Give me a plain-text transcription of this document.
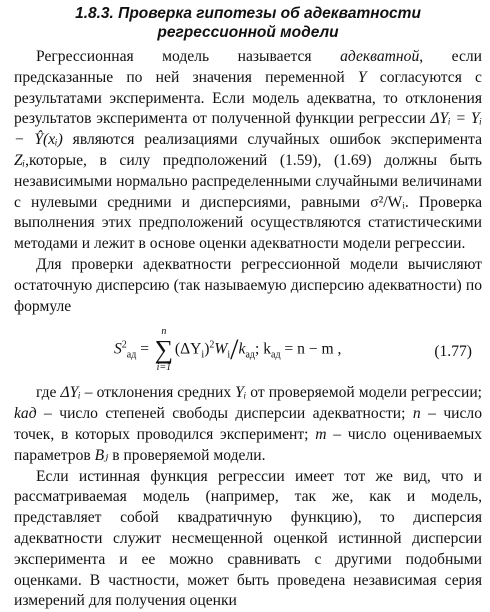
1.8.3. Проверка гипотезы об адекватности
регрессионной модели

Регрессионная модель называется адекватной, если предсказанные по ней значения переменной Y согласуются с результатами эксперимента. Если модель адекватна, то отклонения результатов эксперимента от полученной функции регрессии ΔYᵢ = Yᵢ − Ŷ(xᵢ) являются реализациями случайных ошибок эксперимента Zᵢ,которые, в силу предположений (1.59), (1.69) должны быть независимыми нормально распределенными случайными величинами с нулевыми средними и дисперсиями, равными σ²/Wᵢ. Проверка выполнения этих предположений осуществляются статистическими методами и лежит в основе оценки адекватности модели регрессии.

Для проверки адекватности регрессионной модели вычисляют остаточную дисперсию (так называемую дисперсию адекватности) по формуле

$S^2_{ад}$ =
n
∑
i=1
$(\Delta Y_i)^2W_i/k_{ад}$; $k_{ад} = n - m$ ,	(1.77)

где ΔYᵢ – отклонения средних Yᵢ от проверяемой модели регрессии; kад – число степеней свободы дисперсии адекватности; n – число точек, в которых проводился эксперимент; m – число оцениваемых параметров Bⱼ в проверяемой модели.

Если истинная функция регрессии имеет тот же вид, что и рассматриваемая модель (например, так же, как и модель, представляет собой квадратичную функцию), то дисперсия адекватности служит несмещенной оценкой истинной дисперсии эксперимента и ее можно сравнивать с другими подобными оценками. В частности, может быть проведена независимая серия измерений для получения оценки
